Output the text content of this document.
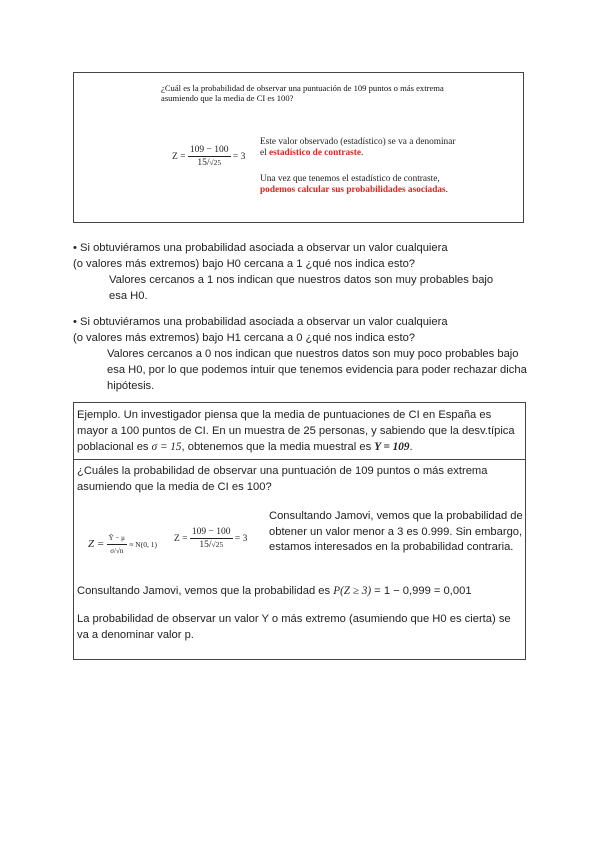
¿Cuál es la probabilidad de observar una puntuación de 109 puntos o más extrema asumiendo que la media de CI es 100?
$Z = \frac{109 - 100}{15/√25} = 3$
Este valor observado (estadístico) se va a denominar el estadístico de contraste.
Una vez que tenemos el estadístico de contraste, podemos calcular sus probabilidades asociadas.
• Si obtuviéramos una probabilidad asociada a observar un valor cualquiera
(o valores más extremos) bajo H0 cercana a 1 ¿qué nos indica esto?
Valores cercanos a 1 nos indican que nuestros datos son muy probables bajo esa H0.
• Si obtuviéramos una probabilidad asociada a observar un valor cualquiera
(o valores más extremos) bajo H1 cercana a 0 ¿qué nos indica esto?
Valores cercanos a 0 nos indican que nuestros datos son muy poco probables bajo esa H0, por lo que podemos intuir que tenemos evidencia para poder rechazar dicha hipótesis.
Ejemplo. Un investigador piensa que la media de puntuaciones de CI en España es mayor a 100 puntos de CI. En un muestra de 25 personas, y sabiendo que la desv.típica poblacional es σ = 15, obtenemos que la media muestral es Y = 109.
¿Cuáles la probabilidad de observar una puntuación de 109 puntos o más extrema asumiendo que la media de CI es 100?
$Z = \frac{Ȳ - \mu}{\sigma/√n} \approx N(0$, 1)
$Z = \frac{109 - 100}{15/√25} = 3$
Consultando Jamovi, vemos que la probabilidad de obtener un valor menor a 3 es 0.999. Sin embargo, estamos interesados en la probabilidad contraria.
Consultando Jamovi, vemos que la probabilidad es P(Z ≥ 3) = 1 − 0,999 = 0,001
La probabilidad de observar un valor Y o más extremo (asumiendo que H0 es cierta) se va a denominar valor p.
